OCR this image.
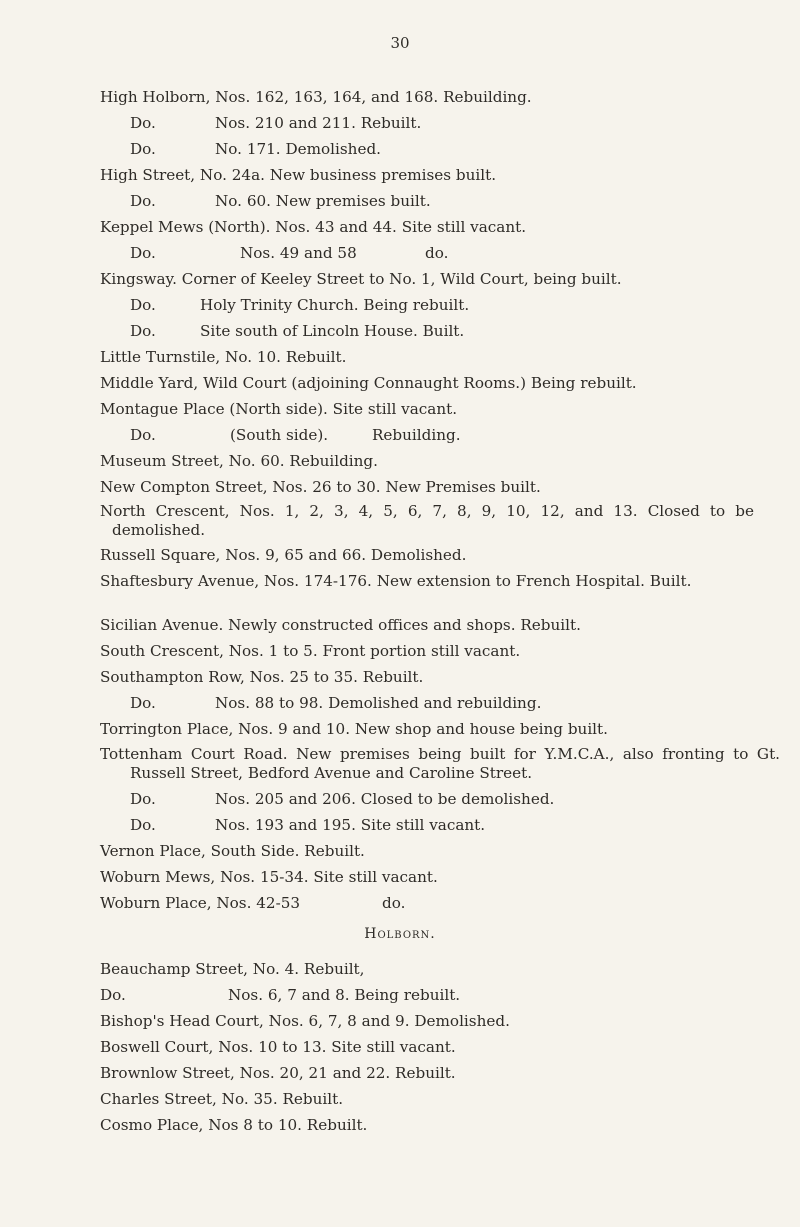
30
High Holborn, Nos. 162, 163, 164, and 168. Rebuilding.
Do.	Nos. 210 and 211. Rebuilt.
Do.	No. 171. Demolished.
High Street, No. 24a. New business premises built.
Do.	No. 60. New premises built.
Keppel Mews (North). Nos. 43 and 44. Site still vacant.
Do.	Nos. 49 and 58	do.
Kingsway. Corner of Keeley Street to No. 1, Wild Court, being built.
Do.	Holy Trinity Church. Being rebuilt.
Do.	Site south of Lincoln House. Built.
Little Turnstile, No. 10. Rebuilt.
Middle Yard, Wild Court (adjoining Connaught Rooms.) Being rebuilt.
Montague Place (North side). Site still vacant.
Do.	(South side).	Rebuilding.
Museum Street, No. 60. Rebuilding.
New Compton Street, Nos. 26 to 30. New Premises built.
North Crescent, Nos. 1, 2, 3, 4, 5, 6, 7, 8, 9, 10, 12, and 13. Closed to be demolished.
Russell Square, Nos. 9, 65 and 66. Demolished.
Shaftesbury Avenue, Nos. 174-176. New extension to French Hospital. Built.
Sicilian Avenue. Newly constructed offices and shops. Rebuilt.
South Crescent, Nos. 1 to 5. Front portion still vacant.
Southampton Row, Nos. 25 to 35. Rebuilt.
Do.	Nos. 88 to 98. Demolished and rebuilding.
Torrington Place, Nos. 9 and 10. New shop and house being built.
Tottenham Court Road. New premises being built for Y.M.C.A., also fronting to Gt. Russell Street, Bedford Avenue and Caroline Street.
Do.	Nos. 205 and 206. Closed to be demolished.
Do.	Nos. 193 and 195. Site still vacant.
Vernon Place, South Side. Rebuilt.
Woburn Mews, Nos. 15-34. Site still vacant.
Woburn Place, Nos. 42-53	do.
Holborn.
Beauchamp Street, No. 4. Rebuilt,
Do.	Nos. 6, 7 and 8. Being rebuilt.
Bishop's Head Court, Nos. 6, 7, 8 and 9. Demolished.
Boswell Court, Nos. 10 to 13. Site still vacant.
Brownlow Street, Nos. 20, 21 and 22. Rebuilt.
Charles Street, No. 35. Rebuilt.
Cosmo Place, Nos 8 to 10. Rebuilt.
